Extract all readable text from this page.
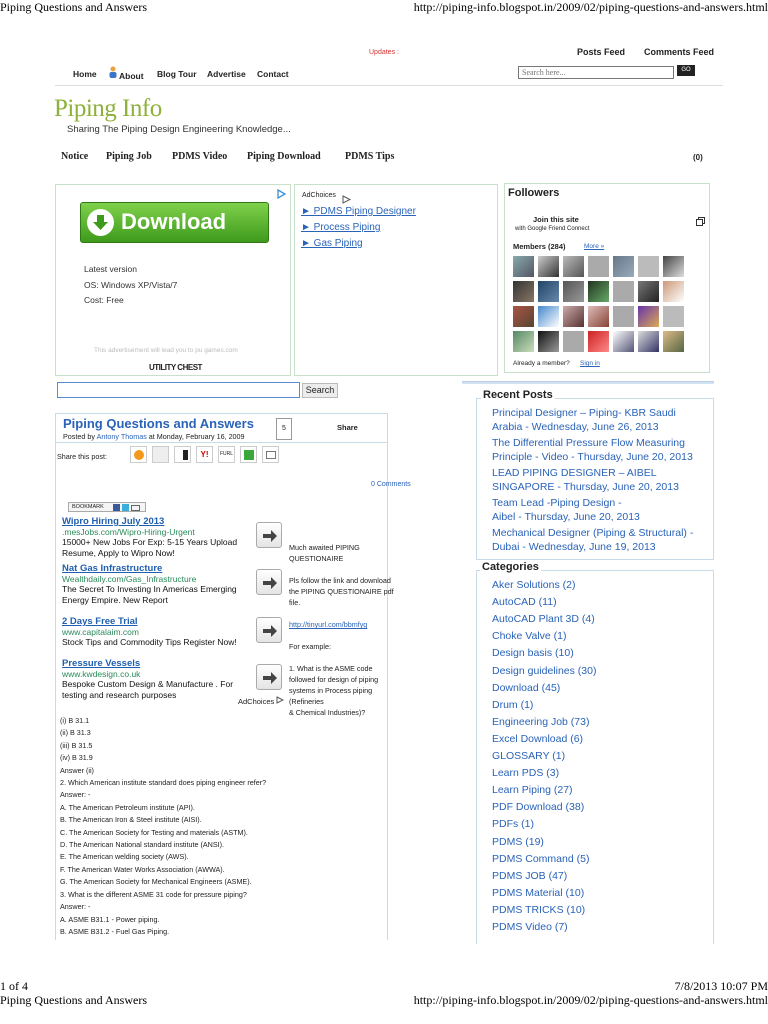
Piping Questions and Answers	http://piping-info.blogspot.in/2009/02/piping-questions-and-answers.html
Updates :	Posts Feed Comments Feed
Home	About Blog Tour Advertise Contact
Search here...	GO
Piping Info
Sharing The Piping Design Engineering Knowledge...
Notice Piping Job PDMS Video Piping Download PDMS Tips	(0)
Download
Latest version
OS: Windows XP/Vista/7
Cost: Free
This advertisement will lead you to pu games.com
UTILITY CHEST
AdChoices
► PDMS Piping Designer
► Process Piping
► Gas Piping
Followers
Join this site
with Google Friend Connect
Members (284)	More »
Already a member? Sign in
Search
Piping Questions and Answers	5	Share
Posted by Antony Thomas at Monday, February 16, 2009
Share this post:	Y!	FURL
0 Comments
BOOKMARK
Wipro Hiring July 2013
.mesJobs.com/Wipro-Hiring-Urgent
15000+ New Jobs For Exp: 5-15 Years Upload Resume, Apply to Wipro Now!
Nat Gas Infrastructure
Wealthdaily.com/Gas_Infrastructure
The Secret To Investing In Americas Emerging Energy Empire. New Report
2 Days Free Trial
www.capitalaim.com
Stock Tips and Commodity Tips Register Now!
Pressure Vessels
www.kwdesign.co.uk
Bespoke Custom Design & Manufacture . For testing and research purposes
AdChoices
Much awaited PIPING
QUESTIONAIRE
Pls follow the link and download
the PIPING QUESTIONAIRE pdf
file.
http://tinyurl.com/bbmfyg
For example:
1. What is the ASME code
followed for design of piping
systems in Process piping
(Refineries
& Chemical Industries)?
(i) B 31.1
(ii) B 31.3
(iii) B 31.5
(iv) B 31.9
Answer (ii)
2. Which American institute standard does piping engineer refer?
Answer: -
A. The American Petroleum institute (API).
B. The American Iron & Steel institute (AISI).
C. The American Society for Testing and materials (ASTM).
D. The American National standard institute (ANSI).
E. The American welding society (AWS).
F. The American Water Works Association (AWWA).
G. The American Society for Mechanical Engineers (ASME).
3. What is the different ASME 31 code for pressure piping?
Answer: -
A. ASME B31.1 - Power piping.
B. ASME B31.2 - Fuel Gas Piping.
Recent Posts
Principal Designer – Piping- KBR Saudi
Arabia - Wednesday, June 26, 2013
The Differential Pressure Flow Measuring
Principle - Video - Thursday, June 20, 2013
LEAD PIPING DESIGNER – AIBEL
SINGAPORE - Thursday, June 20, 2013
Team Lead -Piping Design -
Aibel - Thursday, June 20, 2013
Mechanical Designer (Piping & Structural) -
Dubai - Wednesday, June 19, 2013
Categories
Aker Solutions (2)
AutoCAD (11)
AutoCAD Plant 3D (4)
Choke Valve (1)
Design basis (10)
Design guidelines (30)
Download (45)
Drum (1)
Engineering Job (73)
Excel Download (6)
GLOSSARY (1)
Learn PDS (3)
Learn Piping (27)
PDF Download (38)
PDFs (1)
PDMS (19)
PDMS Command (5)
PDMS JOB (47)
PDMS Material (10)
PDMS TRICKS (10)
PDMS Video (7)
1 of 4	7/8/2013 10:07 PM
Piping Questions and Answers	http://piping-info.blogspot.in/2009/02/piping-questions-and-answers.html
